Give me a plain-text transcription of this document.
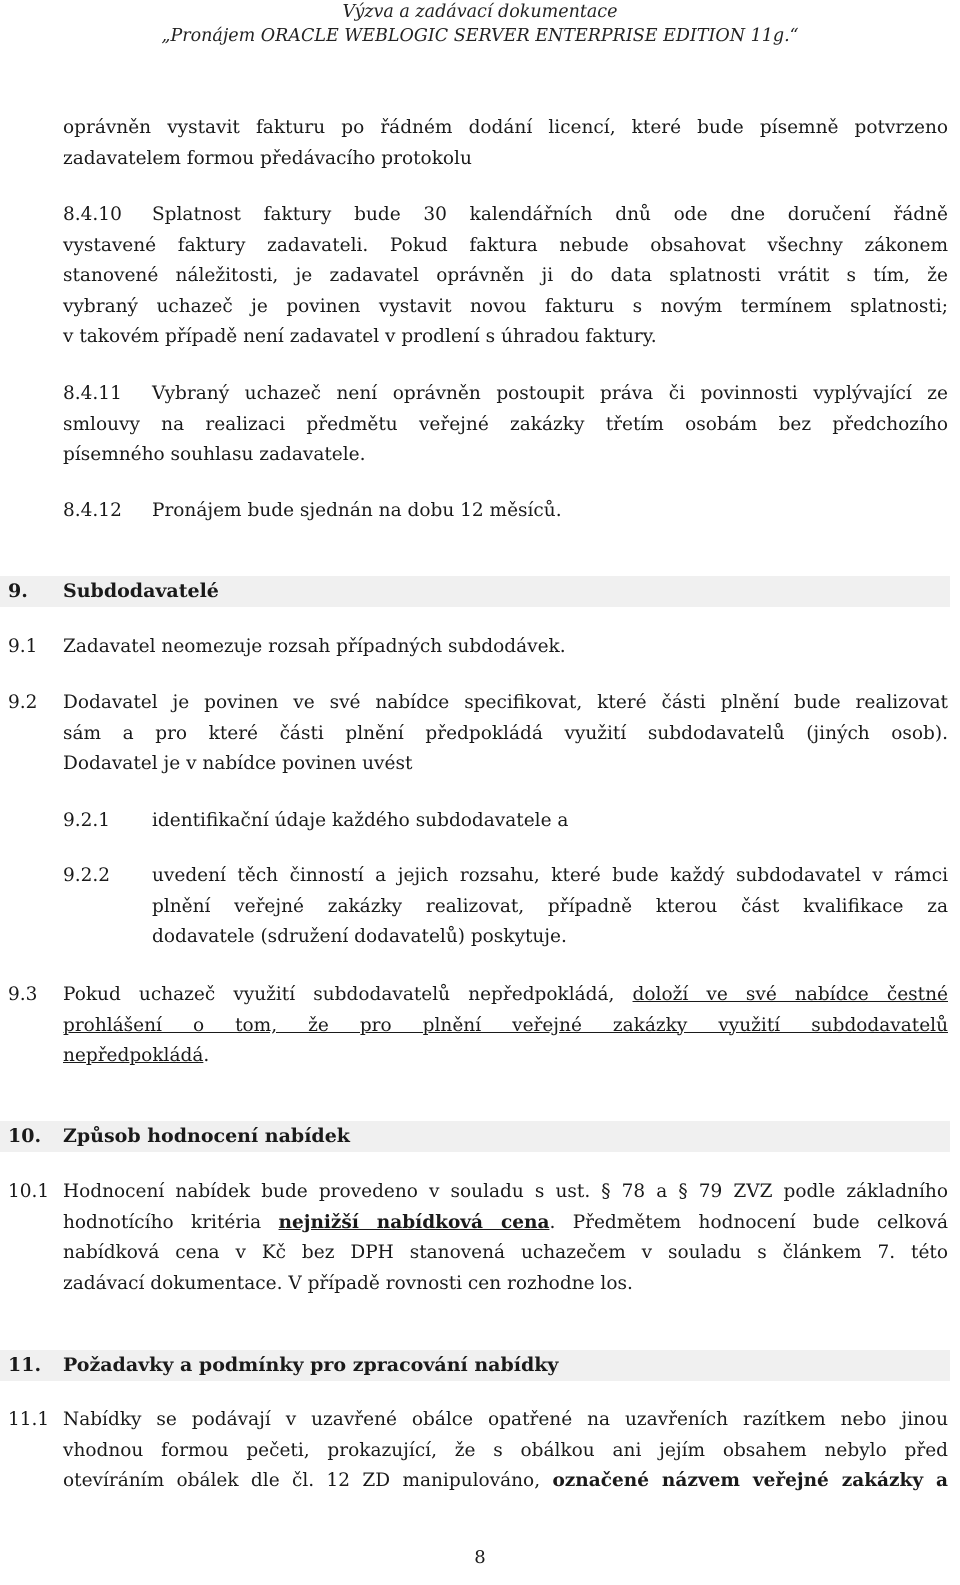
Výzva a zadávací dokumentace
„Pronájem ORACLE WEBLOGIC SERVER ENTERPRISE EDITION 11g.“
oprávněn vystavit fakturu po řádném dodání licencí, které bude písemně potvrzeno
zadavatelem formou předávacího protokolu
8.4.10 Splatnost faktury bude 30 kalendářních dnů ode dne doručení řádně
vystavené faktury zadavateli. Pokud faktura nebude obsahovat všechny zákonem
stanovené náležitosti, je zadavatel oprávněn ji do data splatnosti vrátit s tím, že
vybraný uchazeč je povinen vystavit novou fakturu s novým termínem splatnosti;
v takovém případě není zadavatel v prodlení s úhradou faktury.
8.4.11 Vybraný uchazeč není oprávněn postoupit práva či povinnosti vyplývající ze
smlouvy na realizaci předmětu veřejné zakázky třetím osobám bez předchozího
písemného souhlasu zadavatele.
8.4.12 Pronájem bude sjednán na dobu 12 měsíců.
9. Subdodavatelé
9.1 Zadavatel neomezuje rozsah případných subdodávek.
9.2 Dodavatel je povinen ve své nabídce specifikovat, které části plnění bude realizovat
sám a pro které části plnění předpokládá využití subdodavatelů (jiných osob).
Dodavatel je v nabídce povinen uvést
9.2.1 identifikační údaje každého subdodavatele a
9.2.2 uvedení těch činností a jejich rozsahu, které bude každý subdodavatel v rámci
plnění veřejné zakázky realizovat, případně kterou část kvalifikace za
dodavatele (sdružení dodavatelů) poskytuje.
9.3 Pokud uchazeč využití subdodavatelů nepředpokládá, doloží ve své nabídce čestné
prohlášení o tom, že pro plnění veřejné zakázky využití subdodavatelů
nepředpokládá.
10. Způsob hodnocení nabídek
10.1 Hodnocení nabídek bude provedeno v souladu s ust. § 78 a § 79 ZVZ podle základního
hodnotícího kritéria nejnižší nabídková cena. Předmětem hodnocení bude celková
nabídková cena v Kč bez DPH stanovená uchazečem v souladu s článkem 7. této
zadávací dokumentace. V případě rovnosti cen rozhodne los.
11. Požadavky a podmínky pro zpracování nabídky
11.1 Nabídky se podávají v uzavřené obálce opatřené na uzavřeních razítkem nebo jinou
vhodnou formou pečeti, prokazující, že s obálkou ani jejím obsahem nebylo před
otevíráním obálek dle čl. 12 ZD manipulováno, označené názvem veřejné zakázky a
8
